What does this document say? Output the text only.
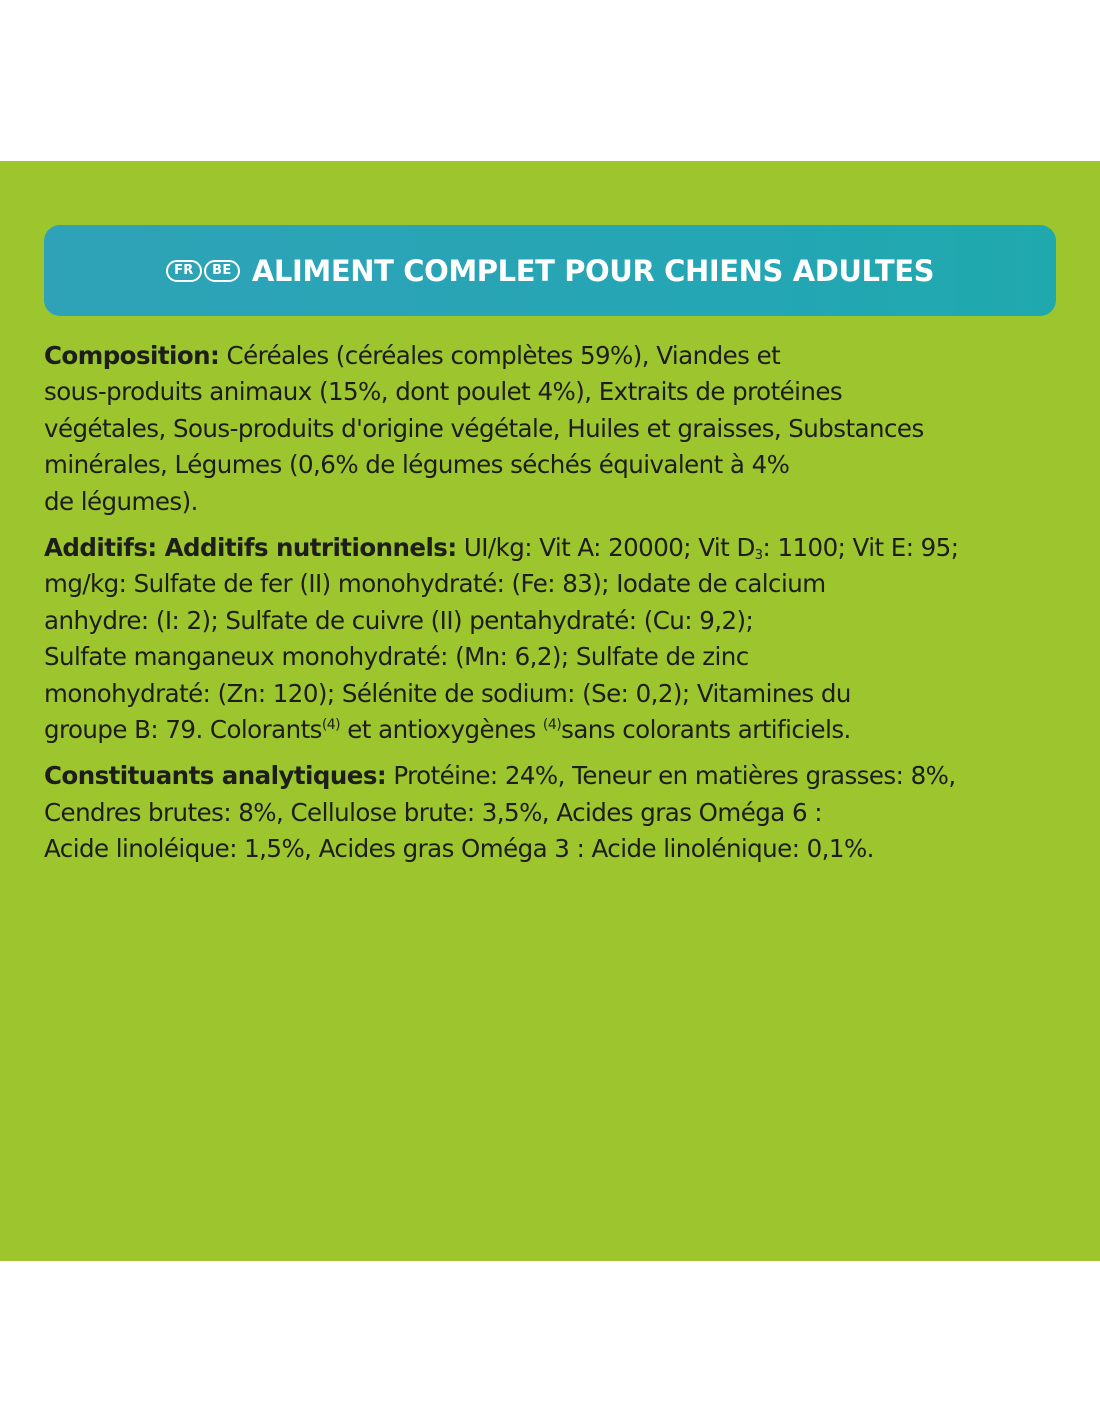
FR	BE ALIMENT COMPLET POUR CHIENS ADULTES
Composition: Céréales (céréales complètes 59%), Viandes et
sous-produits animaux (15%, dont poulet 4%), Extraits de protéines
végétales, Sous-produits d'origine végétale, Huiles et graisses, Substances
minérales, Légumes (0,6% de légumes séchés équivalent à 4%
de légumes).
Additifs: Additifs nutritionnels: UI/kg: Vit A: 20000; Vit $D_3$: 1100; Vit E: 95;
mg/kg: Sulfate de fer (II) monohydraté: (Fe: 83); Iodate de calcium
anhydre: (I: 2); Sulfate de cuivre (II) pentahydraté: (Cu: 9,2);
Sulfate manganeux monohydraté: (Mn: 6,2); Sulfate de zinc
monohydraté: (Zn: 120); Sélénite de sodium: (Se: 0,2); Vitamines du
groupe B: 79. Colorants$^{(4)}$ et antioxygènes $^{(4)}$sans colorants artificiels.
Constituants analytiques: Protéine: 24%, Teneur en matières grasses: 8%,
Cendres brutes: 8%, Cellulose brute: 3,5%, Acides gras Oméga 6 :
Acide linoléique: 1,5%, Acides gras Oméga 3 : Acide linolénique: 0,1%.
